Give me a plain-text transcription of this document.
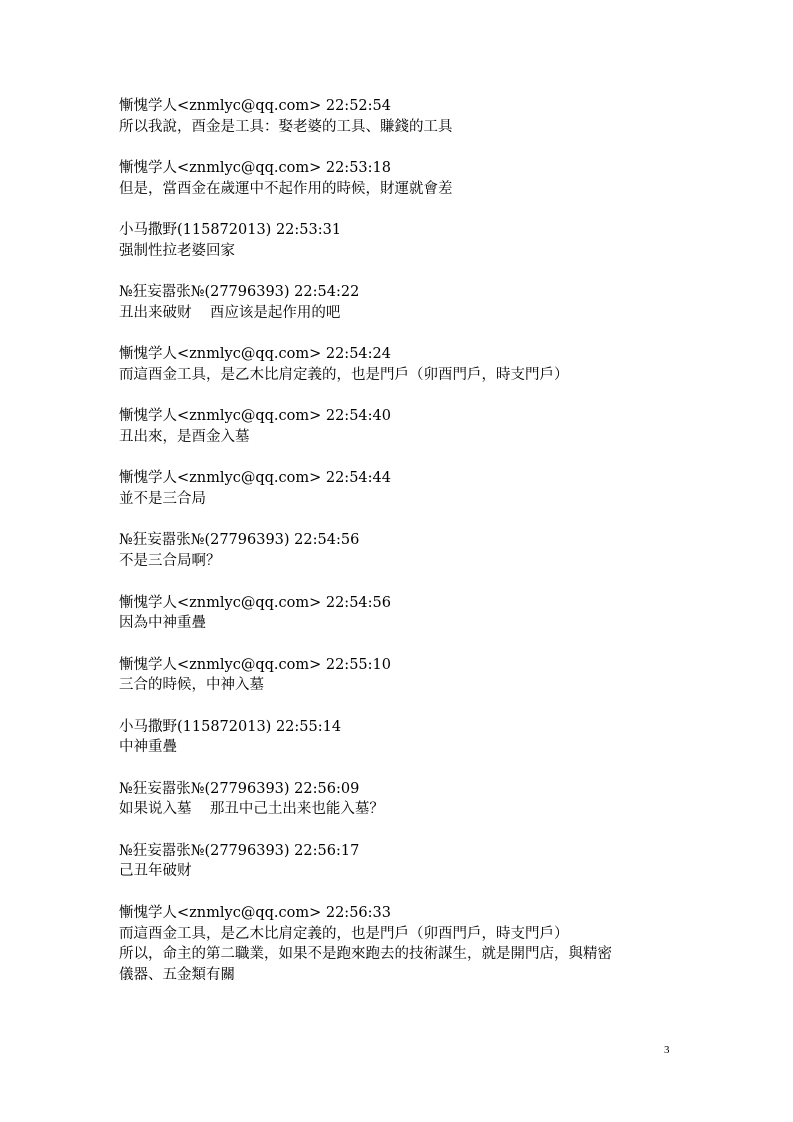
慚愧学人<znmlyc@qq.com> 22:52:54
所以我說，酉金是工具：娶老婆的工具、賺錢的工具
慚愧学人<znmlyc@qq.com> 22:53:18
但是，當酉金在歲運中不起作用的時候，財運就會差
小马撒野(115872013) 22:53:31
强制性拉老婆回家
№狂妄嚣张№(27796393) 22:54:22
丑出来破财    酉应该是起作用的吧
慚愧学人<znmlyc@qq.com> 22:54:24
而這酉金工具，是乙木比肩定義的，也是門戶（卯酉門戶，時支門戶）
慚愧学人<znmlyc@qq.com> 22:54:40
丑出來，是酉金入墓
慚愧学人<znmlyc@qq.com> 22:54:44
並不是三合局
№狂妄嚣张№(27796393) 22:54:56
不是三合局啊？
慚愧学人<znmlyc@qq.com> 22:54:56
因為中神重疊
慚愧学人<znmlyc@qq.com> 22:55:10
三合的時候，中神入墓
小马撒野(115872013) 22:55:14
中神重疊
№狂妄嚣张№(27796393) 22:56:09
如果说入墓    那丑中己土出来也能入墓？
№狂妄嚣张№(27796393) 22:56:17
己丑年破财
慚愧学人<znmlyc@qq.com> 22:56:33
而這酉金工具，是乙木比肩定義的，也是門戶（卯酉門戶，時支門戶）
所以，命主的第二職業，如果不是跑來跑去的技術謀生，就是開門店，與精密
儀器、五金類有關
3
